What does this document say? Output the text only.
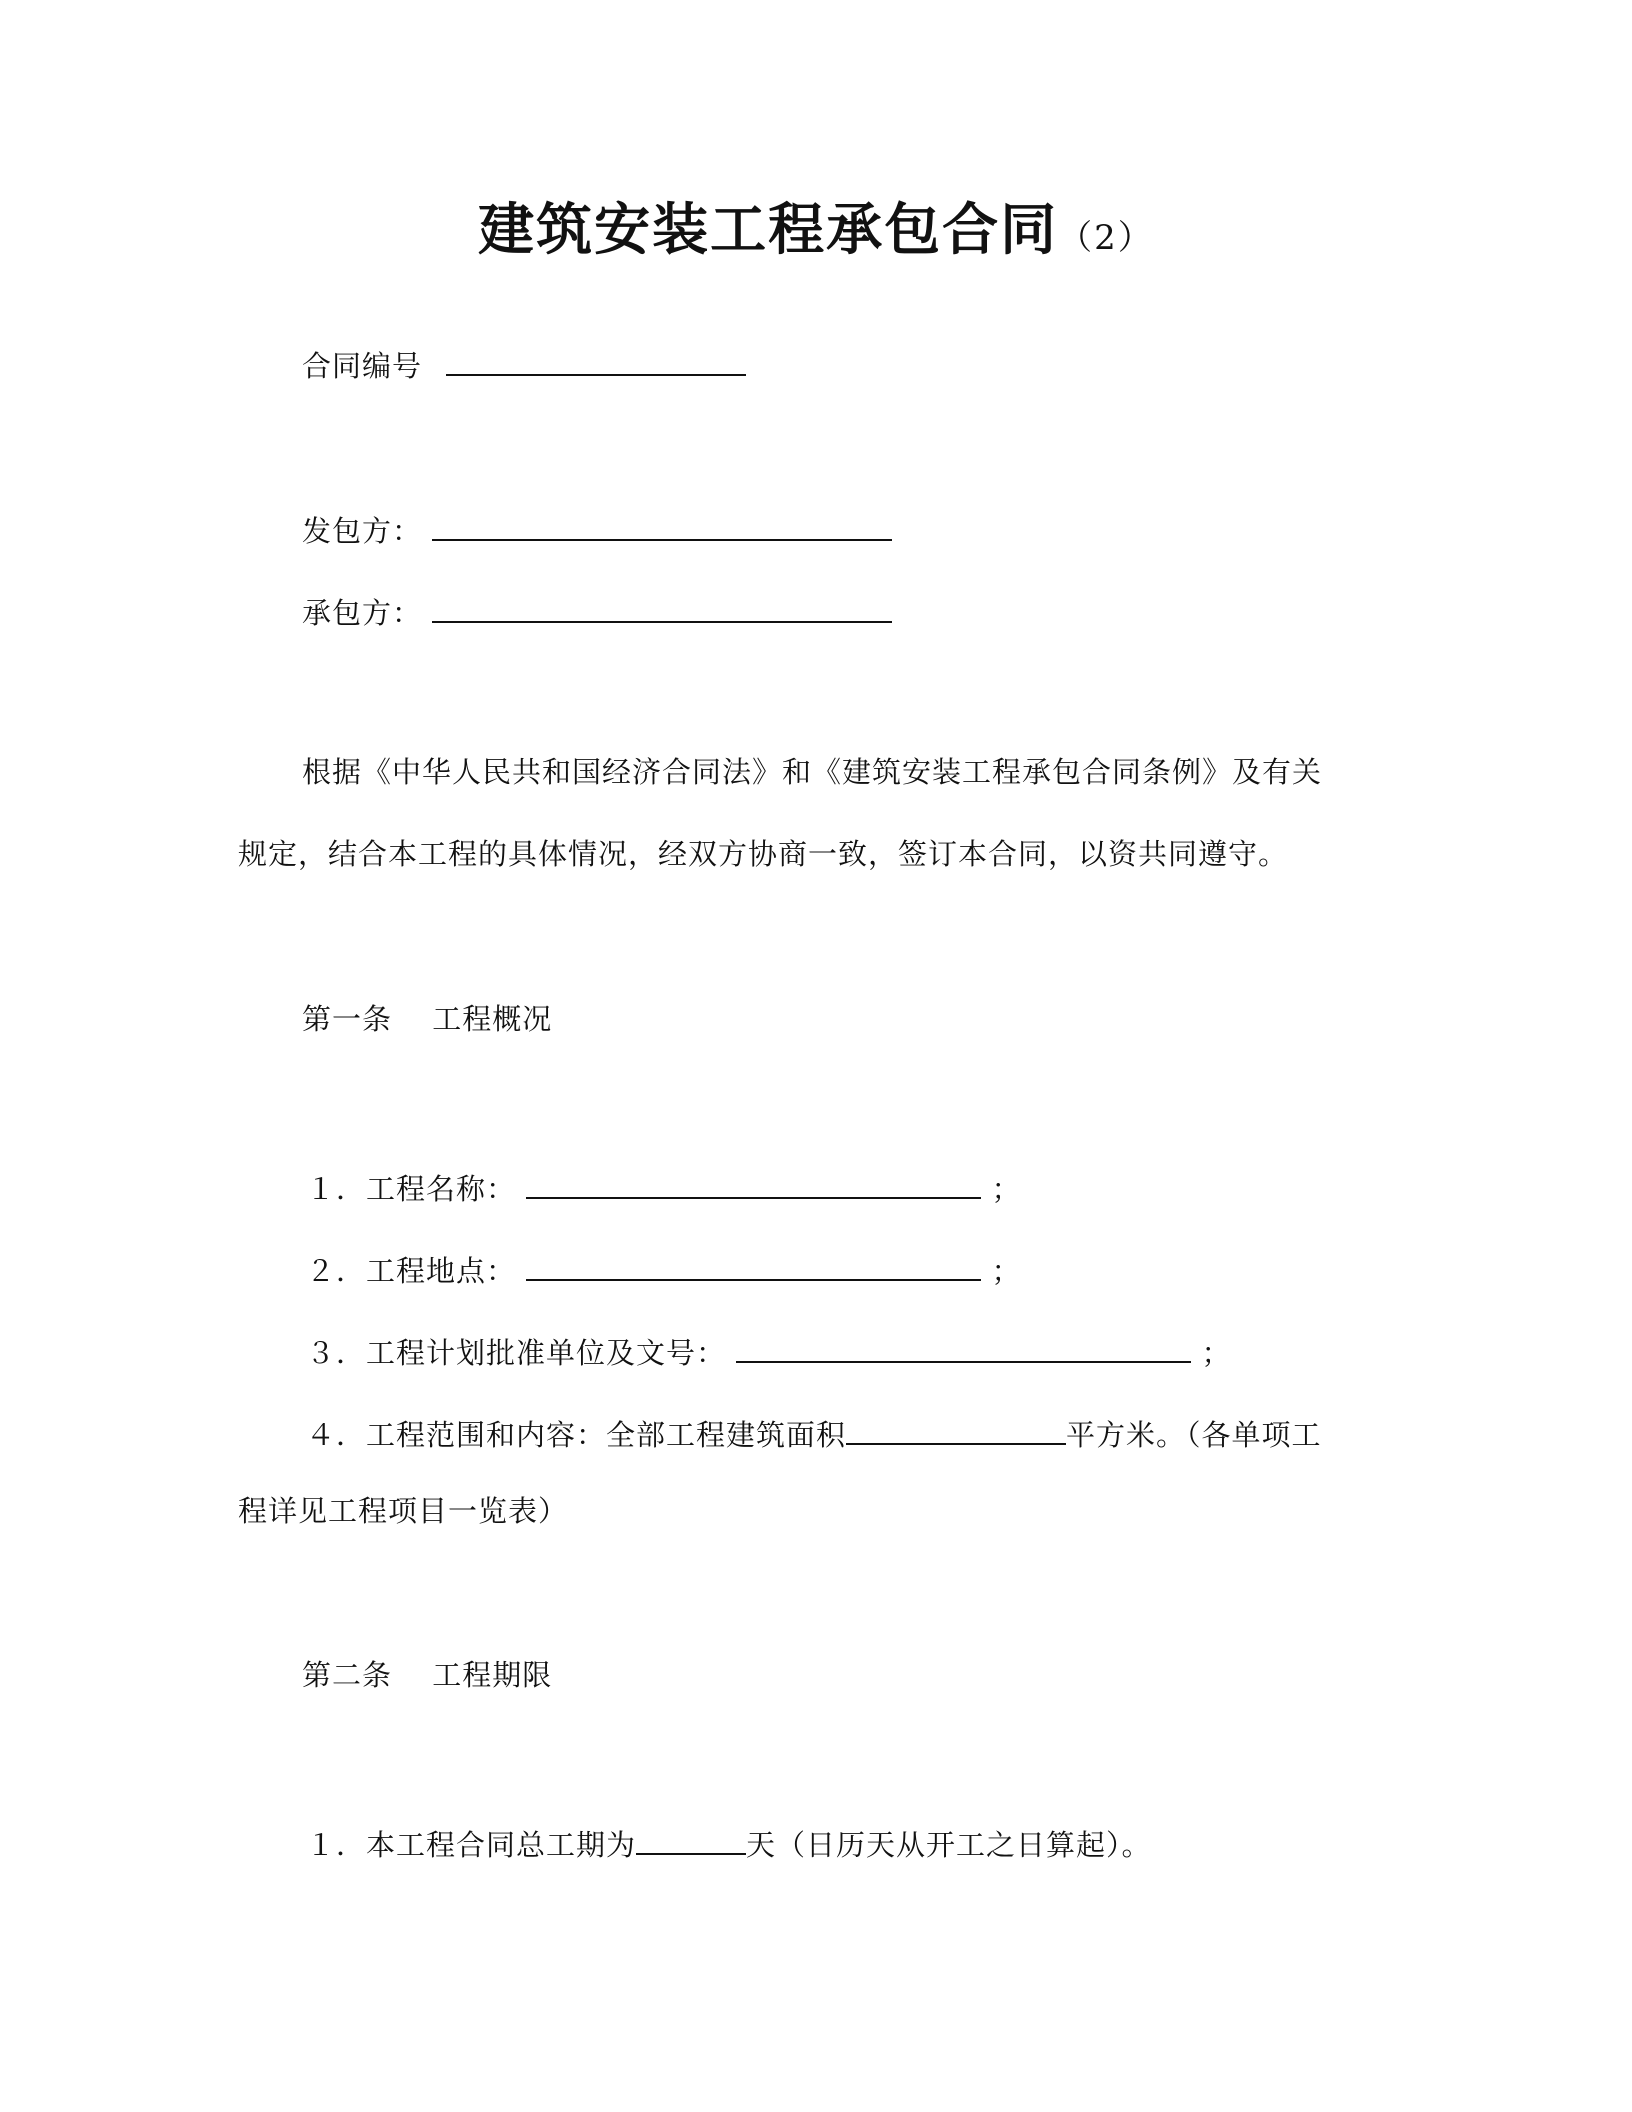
建筑安装工程承包合同（2）
合同编号
发包方：
承包方：
根据《中华人民共和国经济合同法》和《建筑安装工程承包合同条例》及有关
规定，结合本工程的具体情况，经双方协商一致，签订本合同，以资共同遵守。
第一条　 工程概况
１．工程名称：	；
２．工程地点：	；
３．工程计划批准单位及文号：	；
４．工程范围和内容：全部工程建筑面积	平方米。（各单项工
程详见工程项目一览表）
第二条　 工程期限
１．本工程合同总工期为	天（日历天从开工之日算起）。
